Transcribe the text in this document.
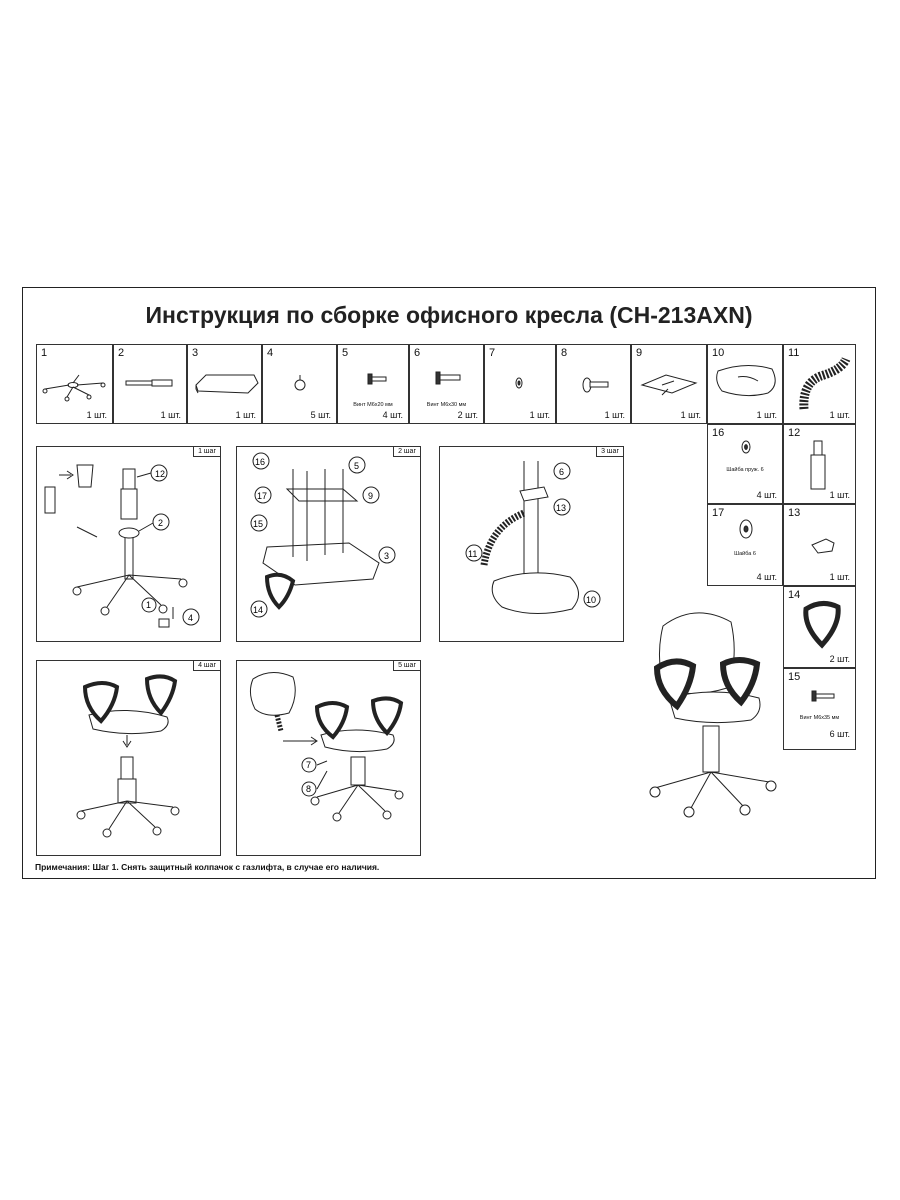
Инструкция по сборке офисного кресла (CH-213AXN)
1
1 шт.
2
1 шт.
3
1 шт.
4
5 шт.
5
Винт М6х20 мм
4 шт.
6
Винт М6х30 мм
2 шт.
7
1 шт.
8
1 шт.
9
1 шт.
10
1 шт.
11
1 шт.
16
Шайба пруж. 6
4 шт.
12
1 шт.
17
Шайба 6
4 шт.
13
1 шт.
14
2 шт.
15
Винт М6х35 мм
6 шт.
1 шаг
12
2
1
4
2 шаг
16	5
17	9
15
3
14
3 шаг
6
13
11
10
4 шаг	5 шаг
7
8
Примечания: Шаг 1. Снять защитный колпачок с газлифта, в случае его наличия.
